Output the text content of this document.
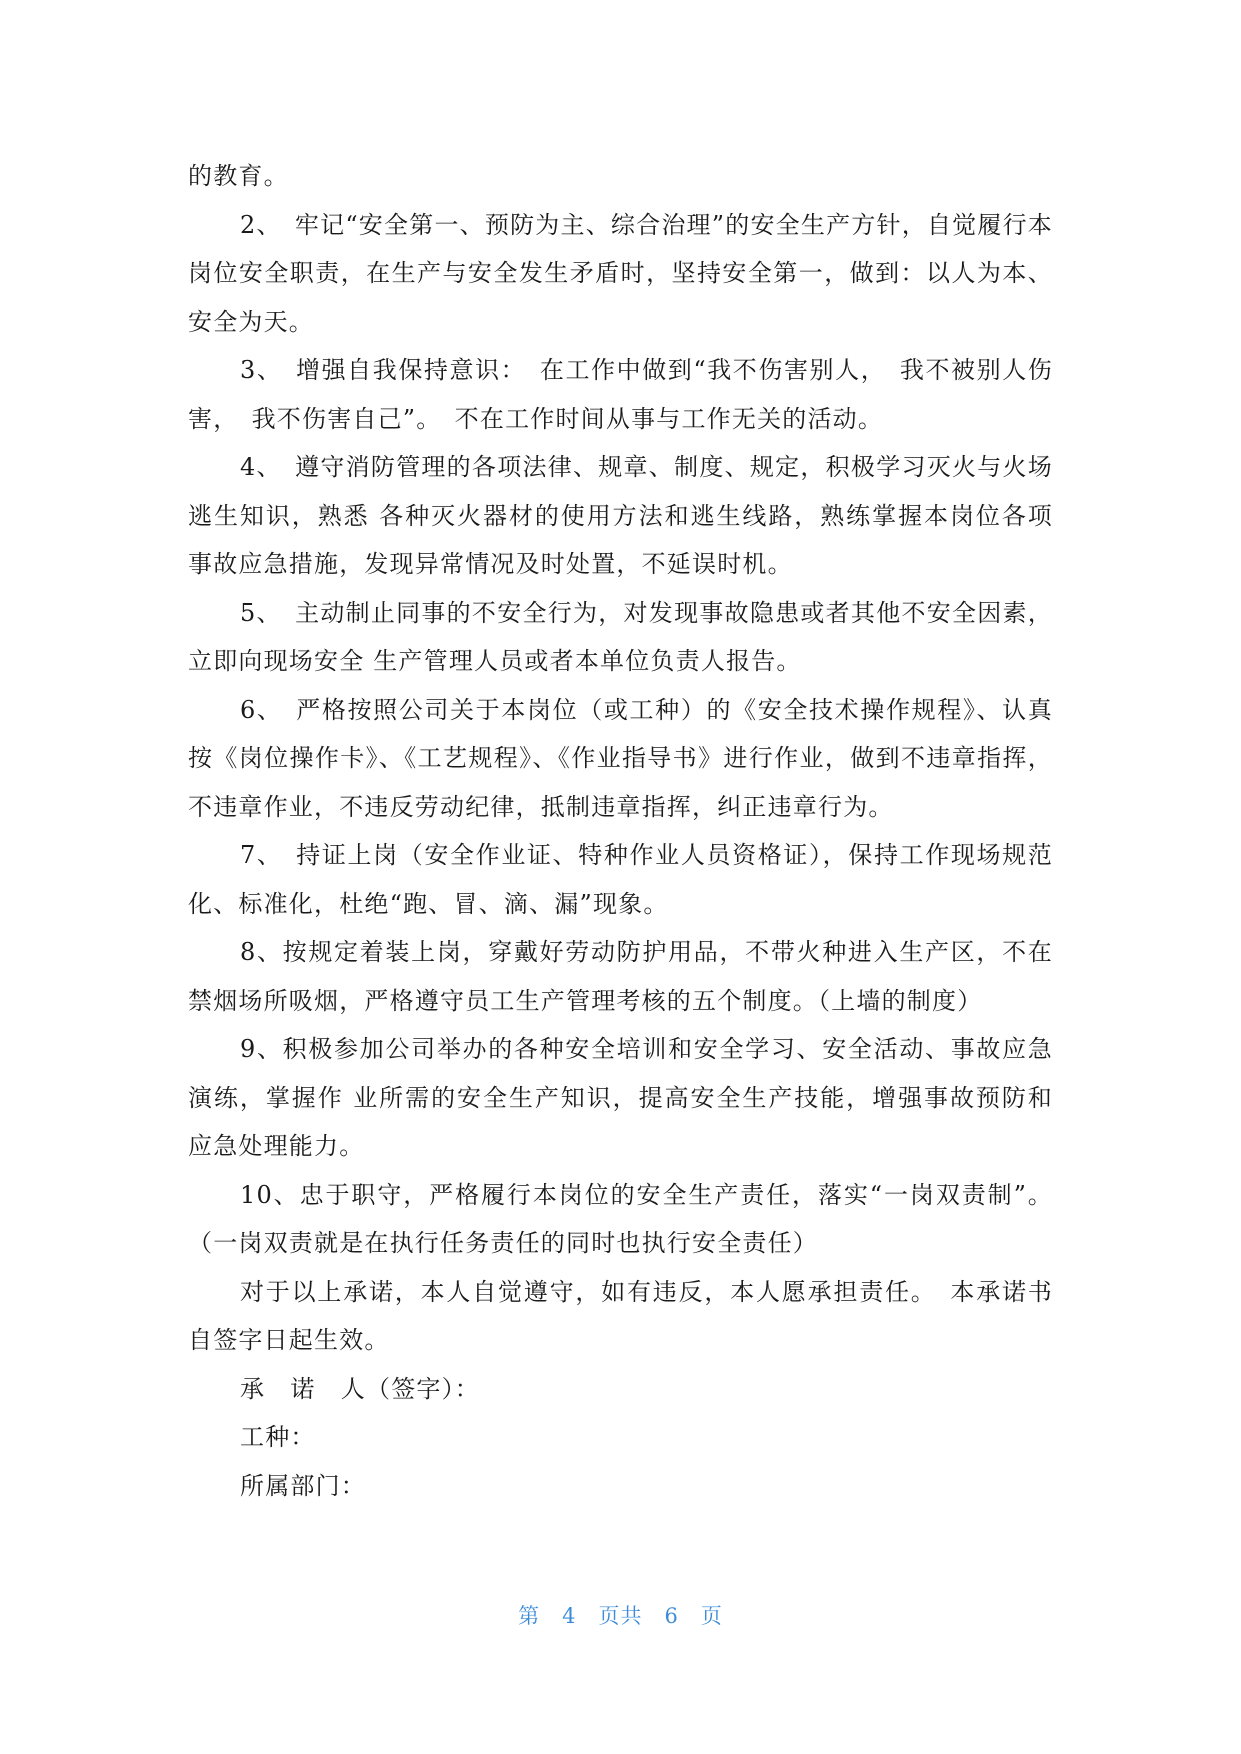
的教育。

2、　牢记“安全第一、预防为主、综合治理”的安全生产方针，自觉履行本岗位安全职责，在生产与安全发生矛盾时，坚持安全第一，做到：以人为本、安全为天。

3、　增强自我保持意识：　在工作中做到“我不伤害别人，　我不被别人伤害，　我不伤害自己”。　不在工作时间从事与工作无关的活动。

4、　遵守消防管理的各项法律、规章、制度、规定，积极学习灭火与火场逃生知识，熟悉 各种灭火器材的使用方法和逃生线路，熟练掌握本岗位各项事故应急措施，发现异常情况及时处置，不延误时机。

5、　主动制止同事的不安全行为，对发现事故隐患或者其他不安全因素，立即向现场安全 生产管理人员或者本单位负责人报告。

6、　严格按照公司关于本岗位（或工种）的《安全技术操作规程》、认真按《岗位操作卡》、《工艺规程》、《作业指导书》进行作业，做到不违章指挥，不违章作业，不违反劳动纪律，抵制违章指挥，纠正违章行为。

7、　持证上岗（安全作业证、特种作业人员资格证），保持工作现场规范化、标准化，杜绝“跑、冒、滴、漏”现象。

8、按规定着装上岗，穿戴好劳动防护用品，不带火种进入生产区，不在禁烟场所吸烟，严格遵守员工生产管理考核的五个制度。（上墙的制度）

9、积极参加公司举办的各种安全培训和安全学习、安全活动、事故应急演练，掌握作 业所需的安全生产知识，提高安全生产技能，增强事故预防和应急处理能力。

10、忠于职守，严格履行本岗位的安全生产责任，落实“一岗双责制”。（一岗双责就是在执行任务责任的同时也执行安全责任）

对于以上承诺，本人自觉遵守，如有违反，本人愿承担责任。　本承诺书自签字日起生效。

承　诺　人（签字）：

工种：

所属部门：

第　4　页共　6　页
